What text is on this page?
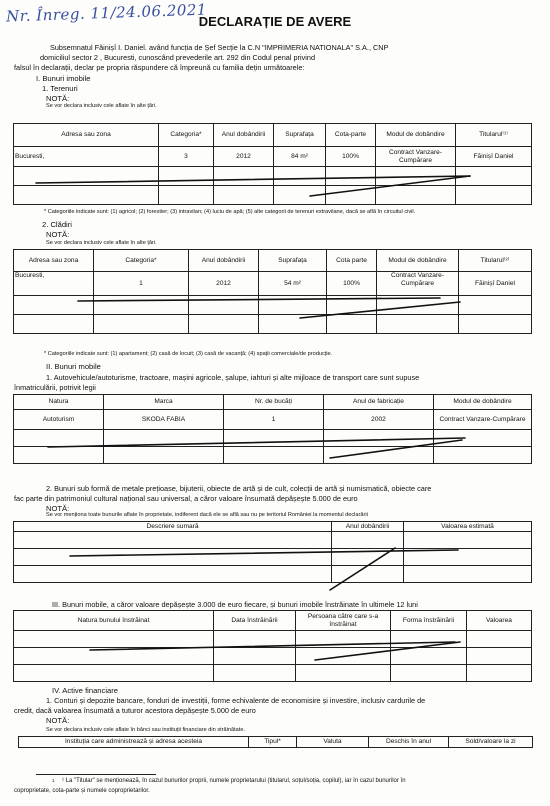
Nr. Înreg. 11/24.06.2021
DECLARAȚIE DE AVERE
Subsemnatul Făinișî I. Daniel. având funcția de Șef Secție la C.N "IMPRIMERIA NATIONALA" S.A., CNP
domiciliul sector 2 , Bucuresti, cunoscând prevederile art. 292 din Codul penal privind
falsul în declarații, declar pe propria răspundere că împreună cu familia dețin următoarele:
I. Bunuri imobile
1. Terenuri
NOTĂ:
Se vor declara inclusiv cele aflate în alte țări.
Adresa sau zona	Categoria*	Anul dobândirii	Suprafața	Cota-parte	Modul de dobândire	Titularul⁽¹⁾
Bucuresti,	3	2012	84 m²	100%	Contract Vanzare-Cumpărare	Făinișî Daniel

* Categoriile indicate sunt: (1) agricol; (2) forestier; (3) intravilan; (4) luciu de apă; (5) alte categorii de terenuri extravilane, dacă se află în circuitul civil.
2. Clădiri
NOTĂ:
Se vor declara inclusiv cele aflate în alte țări.
Adresa sau zona	Categoria*	Anul dobândirii	Suprafața	Cota parte	Modul de dobândire	Titularul⁽²⁾
Bucuresti,	1	2012	54 m²	100%	Contract Vanzare-Cumpărare	Făinișî Daniel

* Categoriile indicate sunt: (1) apartament; (2) casă de locuit; (3) casă de vacanță; (4) spații comerciale/de producție.
II. Bunuri mobile
1. Autovehicule/autoturisme, tractoare, mașini agricole, șalupe, iahturi și alte mijloace de transport care sunt supuse
înmatriculării, potrivit legii
Natura	Marca	Nr. de bucăți	Anul de fabricație	Modul de dobândire
Autoturism	SKODA FABIA	1	2002	Contract Vanzare-Cumpărare

2. Bunuri sub formă de metale prețioase, bijuterii, obiecte de artă și de cult, colecții de artă și numismatică, obiecte care
fac parte din patrimoniul cultural național sau universal, a căror valoare însumată depășește 5.000 de euro
NOTĂ:
Se vor menționa toate bunurile aflate în proprietate, indiferent dacă ele se află sau nu pe teritoriul României la momentul declarării
Descriere sumară	Anul dobândirii	Valoarea estimată

III. Bunuri mobile, a căror valoare depășește 3.000 de euro fiecare, și bunuri imobile înstrăinate în ultimele 12 luni
Natura bunului înstrăinat	Data înstrăinării	Persoana către care s-a înstrăinat	Forma înstrăinării	Valoarea

IV. Active financiare
1. Conturi și depozite bancare, fonduri de investiții, forme echivalente de economisire și investire, inclusiv cardurile de
credit, dacă valoarea însumată a tuturor acestora depășește 5.000 de euro
NOTĂ:
Se vor declara inclusiv cele aflate în bănci sau instituții financiare din străinătate.
Instituția care administrează și adresa acesteia	Tipul*	Valuta	Deschis în anul	Sold/valoare la zi
1 ¹ La "Titular" se menționează, în cazul bunurilor proprii, numele proprietarului (titularul, soțul/soția, copilul), iar în cazul bunurilor în
coproprietate, cota-parte și numele coproprietarilor.
